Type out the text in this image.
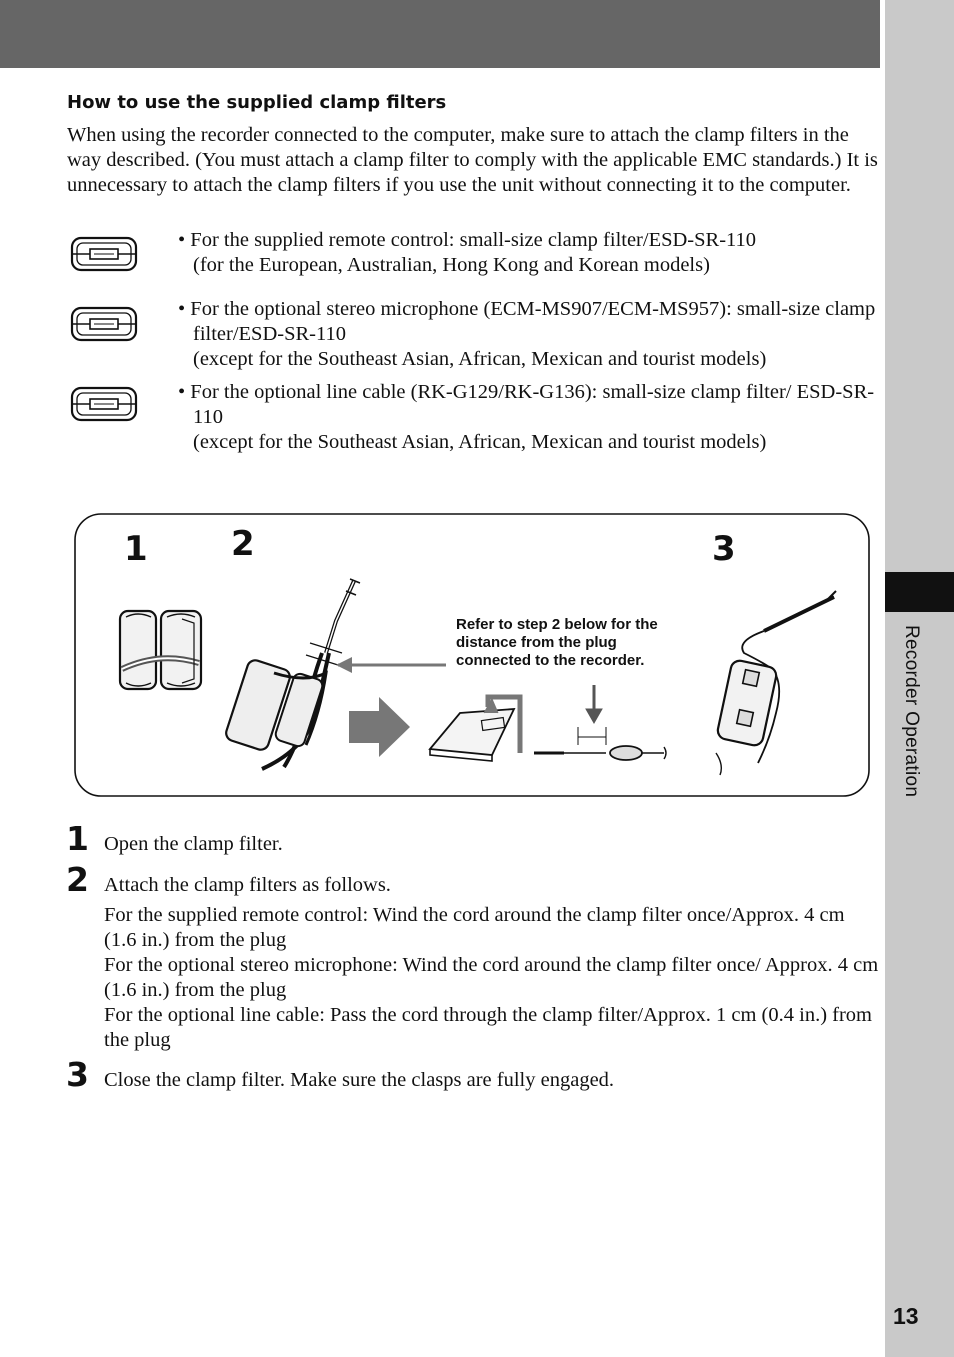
Recorder Operation
13
How to use the supplied clamp filters

When using the recorder connected to the computer, make sure to attach the clamp filters in the way described. (You must attach a clamp filter to comply with the applicable EMC standards.) It is unnecessary to attach the clamp filters if you use the unit without connecting it to the computer.

• For the supplied remote control: small-size clamp filter/ESD-SR-110
(for the European, Australian, Hong Kong and Korean models)
• For the optional stereo microphone (ECM-MS907/ECM-MS957): small-size clamp filter/ESD-SR-110
(except for the Southeast Asian, African, Mexican and tourist models)
• For the optional line cable (RK-G129/RK-G136): small-size clamp filter/ ESD-SR-110
(except for the Southeast Asian, African, Mexican and tourist models)
1 2	3
Refer to step 2 below for the
distance from the plug
connected to the recorder.
1 Open the clamp filter.
2 Attach the clamp filters as follows.
For the supplied remote control: Wind the cord around the clamp filter once/Approx. 4 cm (1.6 in.) from the plug
For the optional stereo microphone: Wind the cord around the clamp filter once/ Approx. 4 cm (1.6 in.) from the plug
For the optional line cable: Pass the cord through the clamp filter/Approx. 1 cm (0.4 in.) from the plug
3 Close the clamp filter. Make sure the clasps are fully engaged.
